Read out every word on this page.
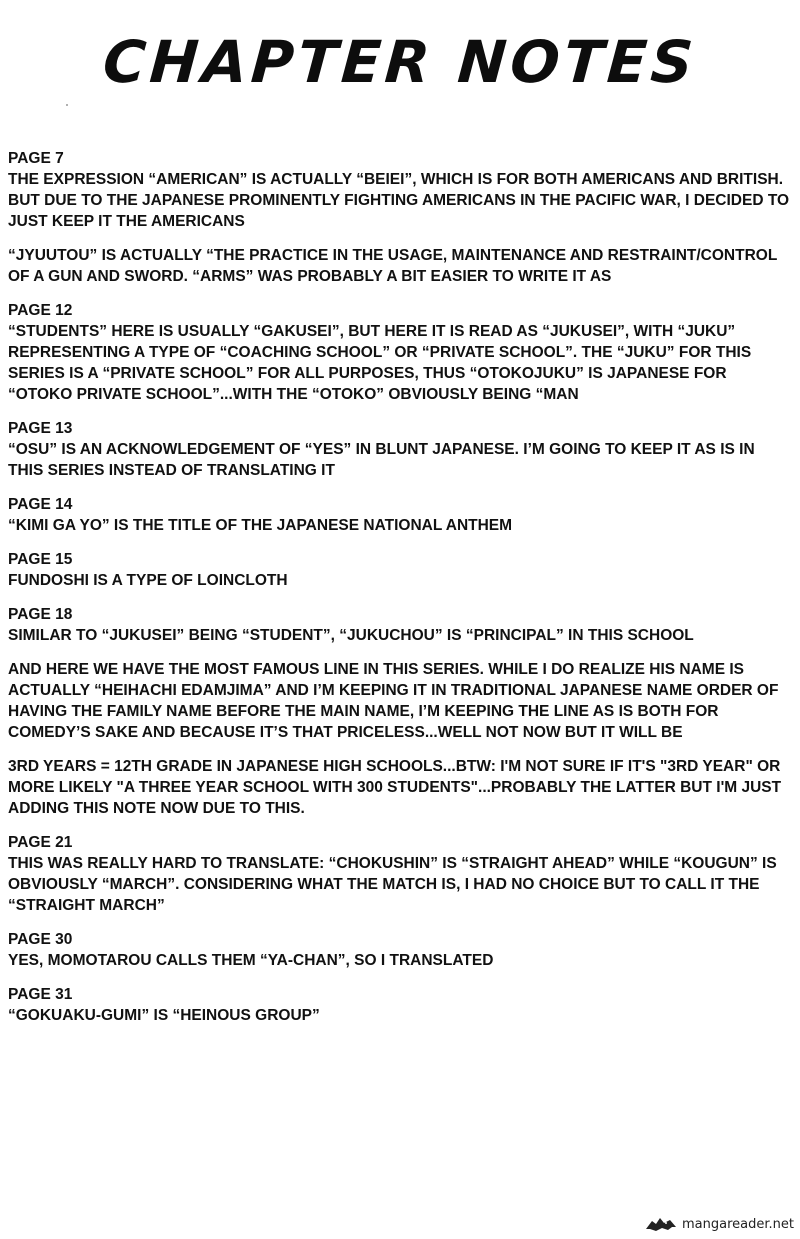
CHAPTER NOTES
PAGE 7

THE EXPRESSION “AMERICAN” IS ACTUALLY “BEIEI”, WHICH IS FOR BOTH AMERICANS AND BRITISH. BUT DUE TO THE JAPANESE PROMINENTLY FIGHTING AMERICANS IN THE PACIFIC WAR, I DECIDED TO JUST KEEP IT THE AMERICANS

“JYUUTOU” IS ACTUALLY “THE PRACTICE IN THE USAGE, MAINTENANCE AND RESTRAINT/CONTROL OF A GUN AND SWORD. “ARMS” WAS PROBABLY A BIT EASIER TO WRITE IT AS

PAGE 12

“STUDENTS” HERE IS USUALLY “GAKUSEI”, BUT HERE IT IS READ AS “JUKUSEI”, WITH “JUKU” REPRESENTING A TYPE OF “COACHING SCHOOL” OR “PRIVATE SCHOOL”. THE “JUKU” FOR THIS SERIES IS A “PRIVATE SCHOOL” FOR ALL PURPOSES, THUS “OTOKOJUKU” IS JAPANESE FOR “OTOKO PRIVATE SCHOOL”...WITH THE “OTOKO” OBVIOUSLY BEING “MAN

PAGE 13

“OSU” IS AN ACKNOWLEDGEMENT OF “YES” IN BLUNT JAPANESE. I’M GOING TO KEEP IT AS IS IN THIS SERIES INSTEAD OF TRANSLATING IT

PAGE 14

“KIMI GA YO” IS THE TITLE OF THE JAPANESE NATIONAL ANTHEM

PAGE 15

FUNDOSHI IS A TYPE OF LOINCLOTH

PAGE 18

SIMILAR TO “JUKUSEI” BEING “STUDENT”, “JUKUCHOU” IS “PRINCIPAL” IN THIS SCHOOL

AND HERE WE HAVE THE MOST FAMOUS LINE IN THIS SERIES. WHILE I DO REALIZE HIS NAME IS ACTUALLY “HEIHACHI EDAMJIMA” AND I’M KEEPING IT IN TRADITIONAL JAPANESE NAME ORDER OF HAVING THE FAMILY NAME BEFORE THE MAIN NAME, I’M KEEPING THE LINE AS IS BOTH FOR COMEDY’S SAKE AND BECAUSE IT’S THAT PRICELESS...WELL NOT NOW BUT IT WILL BE

3RD YEARS = 12TH GRADE IN JAPANESE HIGH SCHOOLS...BTW: I'M NOT SURE IF IT'S "3RD YEAR" OR MORE LIKELY "A THREE YEAR SCHOOL WITH 300 STUDENTS"...PROBABLY THE LATTER BUT I'M JUST ADDING THIS NOTE NOW DUE TO THIS.

PAGE 21

THIS WAS REALLY HARD TO TRANSLATE: “CHOKUSHIN” IS “STRAIGHT AHEAD” WHILE “KOUGUN” IS OBVIOUSLY “MARCH”. CONSIDERING WHAT THE MATCH IS, I HAD NO CHOICE BUT TO CALL IT THE “STRAIGHT MARCH”

PAGE 30

YES, MOMOTAROU CALLS THEM “YA-CHAN”, SO I TRANSLATED

PAGE 31

“GOKUAKU-GUMI” IS “HEINOUS GROUP”

mangareader.net
